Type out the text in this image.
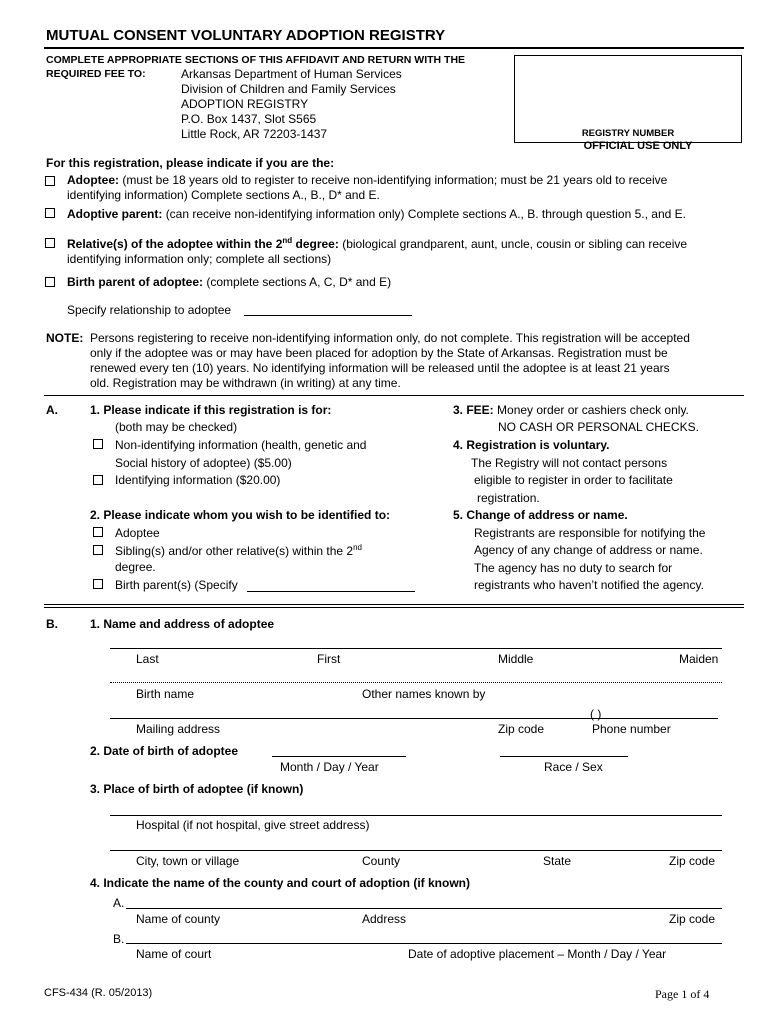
MUTUAL CONSENT VOLUNTARY ADOPTION REGISTRY
COMPLETE APPROPRIATE SECTIONS OF THIS AFFIDAVIT AND RETURN WITH THE
REQUIRED FEE TO:	Arkansas Department of Human Services
Division of Children and Family Services
ADOPTION REGISTRY
P.O. Box 1437, Slot S565
Little Rock, AR 72203-1437	REGISTRY NUMBER
OFFICIAL USE ONLY
For this registration, please indicate if you are the:
Adoptee: (must be 18 years old to register to receive non-identifying information; must be 21 years old to receive
identifying information) Complete sections A., B., D* and E.
Adoptive parent: (can receive non-identifying information only) Complete sections A., B. through question 5., and E.
Relative(s) of the adoptee within the 2nd degree: (biological grandparent, aunt, uncle, cousin or sibling can receive
identifying information only; complete all sections)
Birth parent of adoptee: (complete sections A, C, D* and E)
Specify relationship to adoptee
NOTE: Persons registering to receive non-identifying information only, do not complete. This registration will be accepted
only if the adoptee was or may have been placed for adoption by the State of Arkansas. Registration must be
renewed every ten (10) years. No identifying information will be released until the adoptee is at least 21 years
old. Registration may be withdrawn (in writing) at any time.
A.	1. Please indicate if this registration is for:
(both may be checked)
Non-identifying information (health, genetic and
Social history of adoptee) ($5.00)
Identifying information ($20.00)
2. Please indicate whom you wish to be identified to:
Adoptee
Sibling(s) and/or other relative(s) within the 2nd
degree.
Birth parent(s) (Specify
3. FEE: Money order or cashiers check only.
NO CASH OR PERSONAL CHECKS.
4. Registration is voluntary.
The Registry will not contact persons
eligible to register in order to facilitate
registration.
5. Change of address or name.
Registrants are responsible for notifying the
Agency of any change of address or name.
The agency has no duty to search for
registrants who haven’t notified the agency.
B.	1. Name and address of adoptee
Last	First	Middle	Maiden
Birth name	Other names known by
( )
Mailing address	Zip code	Phone number
2. Date of birth of adoptee
Month / Day / Year	Race / Sex
3. Place of birth of adoptee (if known)
Hospital (if not hospital, give street address)
City, town or village	County	State	Zip code
4. Indicate the name of the county and court of adoption (if known)
A.
Name of county	Address	Zip code
B.
Name of court	Date of adoptive placement – Month / Day / Year
CFS-434 (R. 05/2013)	Page 1 of 4
